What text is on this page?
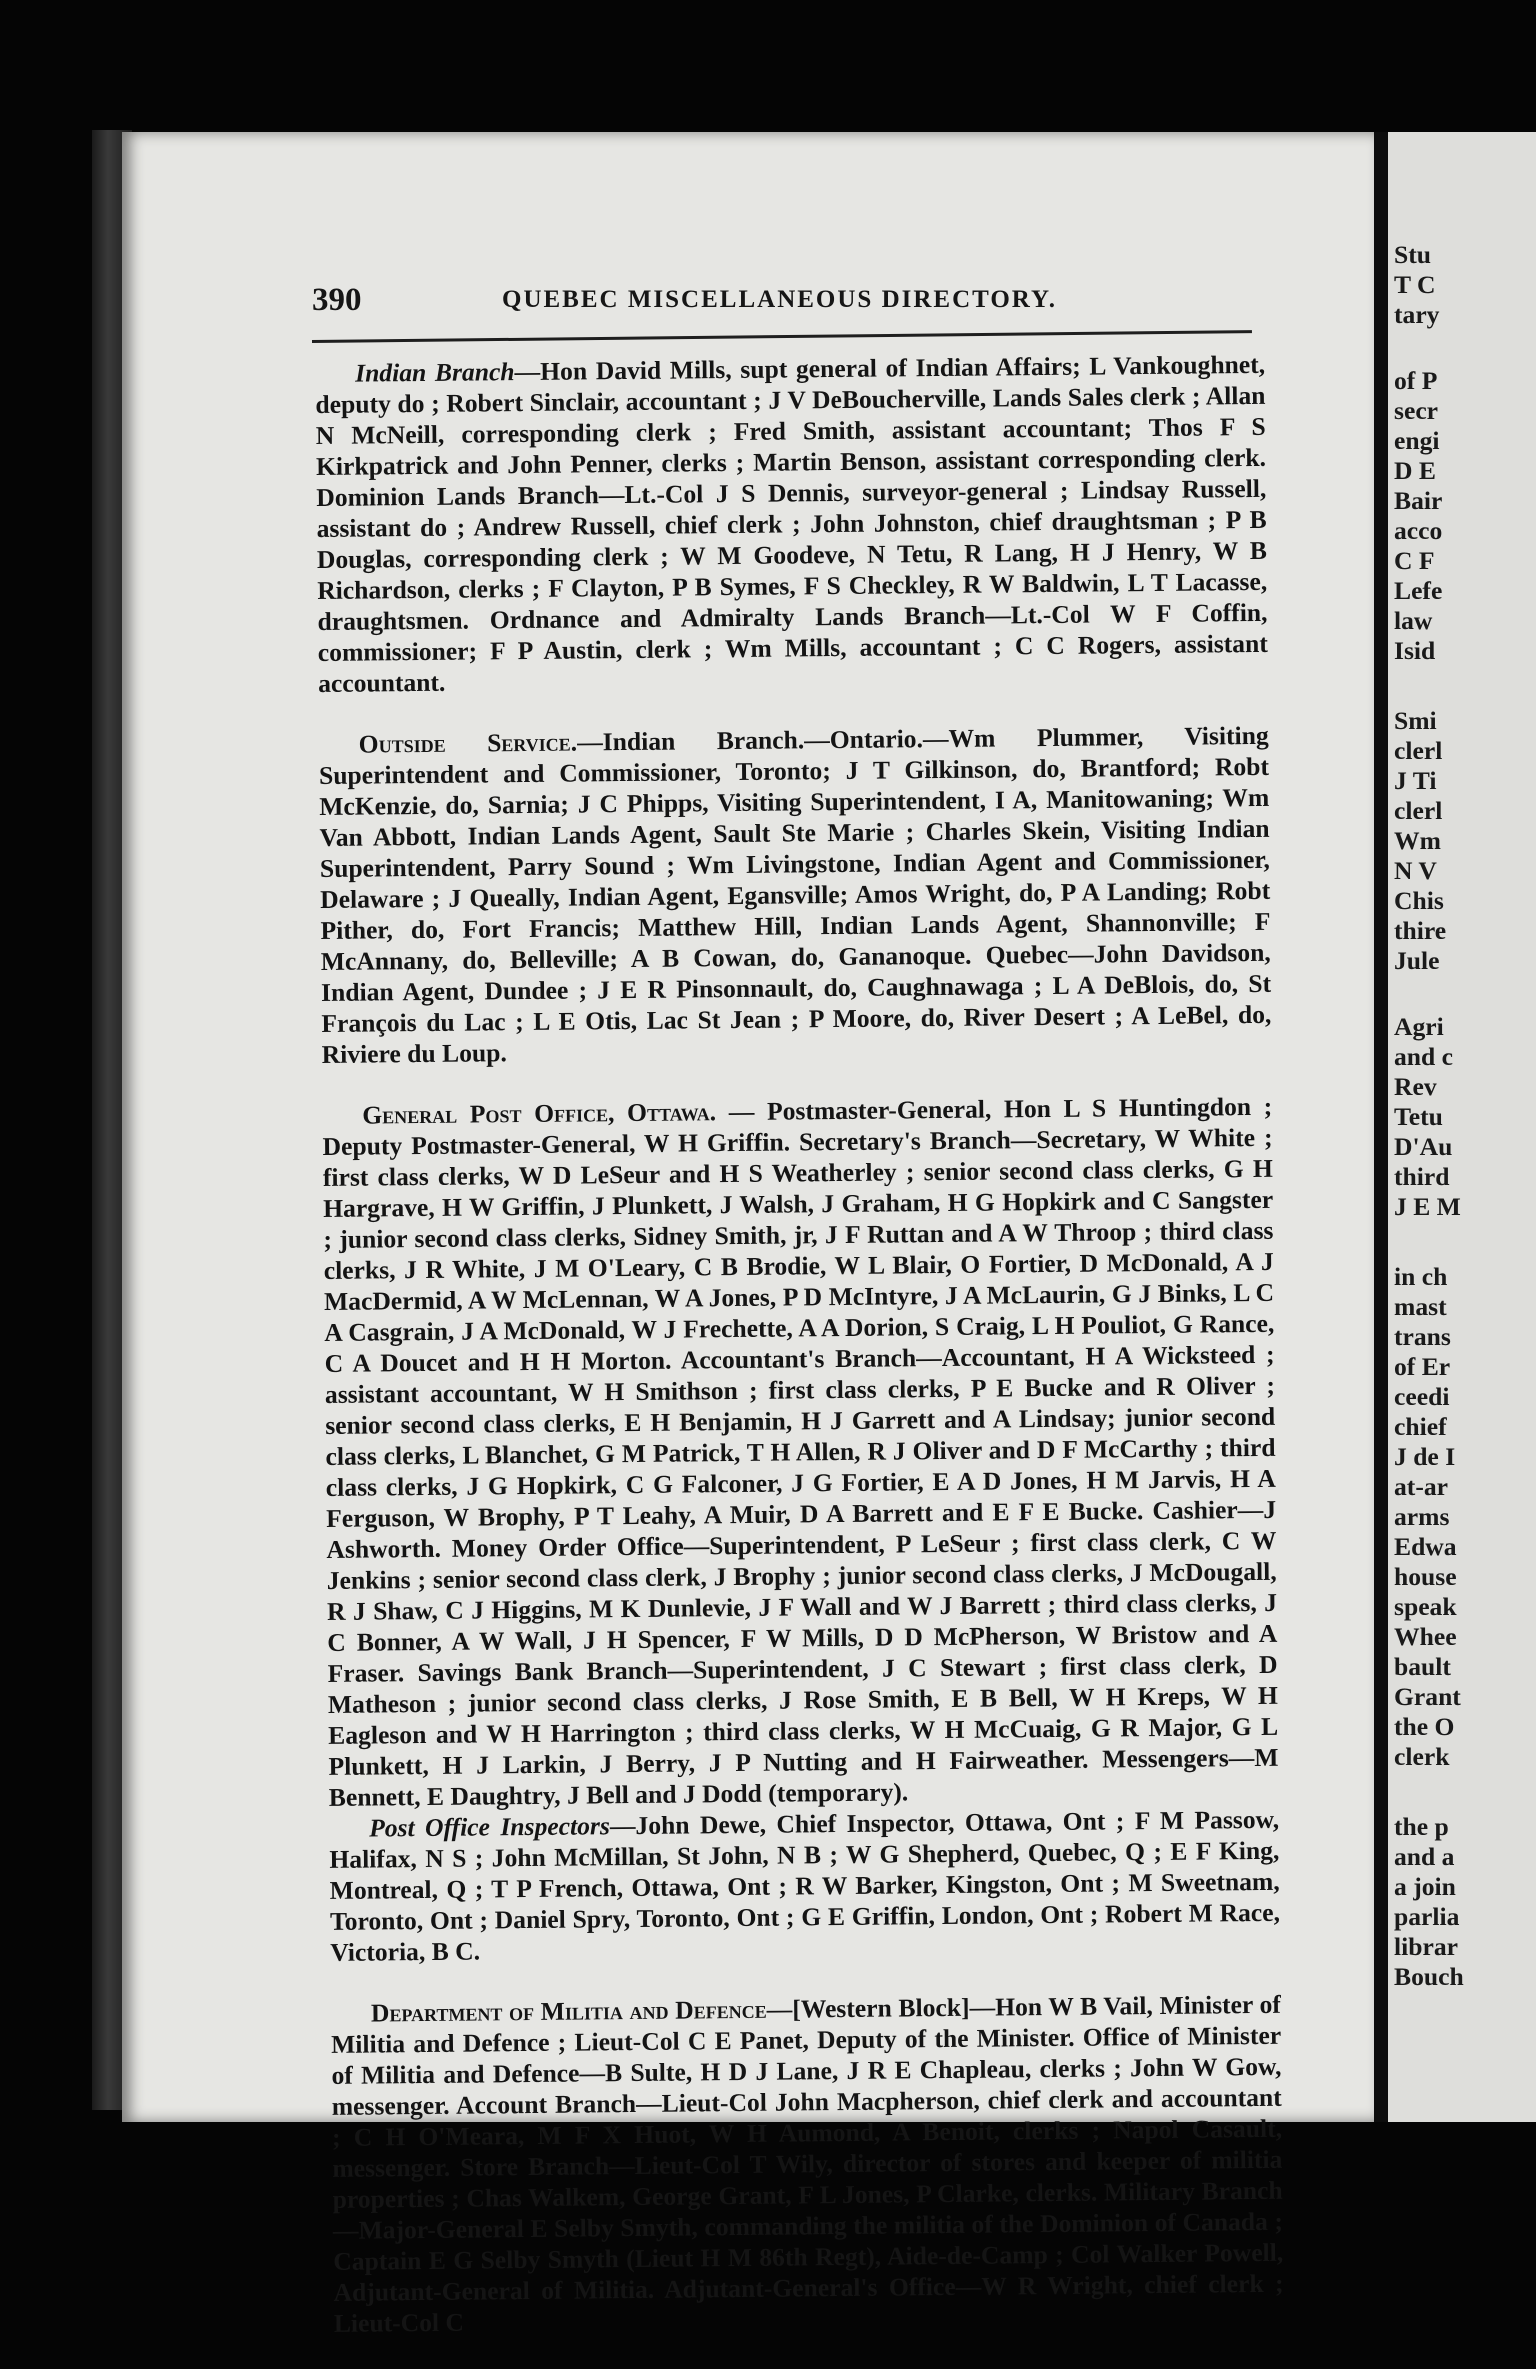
390	QUEBEC MISCELLANEOUS DIRECTORY.

Indian Branch—Hon David Mills, supt general of Indian Affairs; L Vankoughnet, deputy do ; Robert Sinclair, accountant ; J V DeBoucherville, Lands Sales clerk ; Allan N McNeill, corresponding clerk ; Fred Smith, assistant accountant; Thos F S Kirkpatrick and John Penner, clerks ; Martin Benson, assistant corresponding clerk. Dominion Lands Branch—Lt.-Col J S Dennis, surveyor-general ; Lindsay Russell, assistant do ; Andrew Russell, chief clerk ; John Johnston, chief draughtsman ; P B Douglas, corresponding clerk ; W M Goodeve, N Tetu, R Lang, H J Henry, W B Richardson, clerks ; F Clayton, P B Symes, F S Checkley, R W Baldwin, L T Lacasse, draughtsmen. Ordnance and Admiralty Lands Branch—Lt.-Col W F Coffin, commissioner; F P Austin, clerk ; Wm Mills, accountant ; C C Rogers, assistant accountant.

Outside Service.—Indian Branch.—Ontario.—Wm Plummer, Visiting Superintendent and Commissioner, Toronto; J T Gilkinson, do, Brantford; Robt McKenzie, do, Sarnia; J C Phipps, Visiting Superintendent, I A, Manitowaning; Wm Van Abbott, Indian Lands Agent, Sault Ste Marie ; Charles Skein, Visiting Indian Superintendent, Parry Sound ; Wm Livingstone, Indian Agent and Commissioner, Delaware ; J Queally, Indian Agent, Egansville; Amos Wright, do, P A Landing; Robt Pither, do, Fort Francis; Matthew Hill, Indian Lands Agent, Shannonville; F McAnnany, do, Belleville; A B Cowan, do, Gananoque. Quebec—John Davidson, Indian Agent, Dundee ; J E R Pinsonnault, do, Caughnawaga ; L A DeBlois, do, St François du Lac ; L E Otis, Lac St Jean ; P Moore, do, River Desert ; A LeBel, do, Riviere du Loup.

General Post Office, Ottawa. — Postmaster-General, Hon L S Huntingdon ; Deputy Postmaster-General, W H Griffin. Secretary's Branch—Secretary, W White ; first class clerks, W D LeSeur and H S Weatherley ; senior second class clerks, G H Hargrave, H W Griffin, J Plunkett, J Walsh, J Graham, H G Hopkirk and C Sangster ; junior second class clerks, Sidney Smith, jr, J F Ruttan and A W Throop ; third class clerks, J R White, J M O'Leary, C B Brodie, W L Blair, O Fortier, D McDonald, A J MacDermid, A W McLennan, W A Jones, P D McIntyre, J A McLaurin, G J Binks, L C A Casgrain, J A McDonald, W J Frechette, A A Dorion, S Craig, L H Pouliot, G Rance, C A Doucet and H H Morton. Accountant's Branch—Accountant, H A Wicksteed ; assistant accountant, W H Smithson ; first class clerks, P E Bucke and R Oliver ; senior second class clerks, E H Benjamin, H J Garrett and A Lindsay; junior second class clerks, L Blanchet, G M Patrick, T H Allen, R J Oliver and D F McCarthy ; third class clerks, J G Hopkirk, C G Falconer, J G Fortier, E A D Jones, H M Jarvis, H A Ferguson, W Brophy, P T Leahy, A Muir, D A Barrett and E F E Bucke. Cashier—J Ashworth. Money Order Office—Superintendent, P LeSeur ; first class clerk, C W Jenkins ; senior second class clerk, J Brophy ; junior second class clerks, J McDougall, R J Shaw, C J Higgins, M K Dunlevie, J F Wall and W J Barrett ; third class clerks, J C Bonner, A W Wall, J H Spencer, F W Mills, D D McPherson, W Bristow and A Fraser. Savings Bank Branch—Superintendent, J C Stewart ; first class clerk, D Matheson ; junior second class clerks, J Rose Smith, E B Bell, W H Kreps, W H Eagleson and W H Harrington ; third class clerks, W H McCuaig, G R Major, G L Plunkett, H J Larkin, J Berry, J P Nutting and H Fairweather. Messengers—M Bennett, E Daughtry, J Bell and J Dodd (temporary).

Post Office Inspectors—John Dewe, Chief Inspector, Ottawa, Ont ; F M Passow, Halifax, N S ; John McMillan, St John, N B ; W G Shepherd, Quebec, Q ; E F King, Montreal, Q ; T P French, Ottawa, Ont ; R W Barker, Kingston, Ont ; M Sweetnam, Toronto, Ont ; Daniel Spry, Toronto, Ont ; G E Griffin, London, Ont ; Robert M Race, Victoria, B C.

Department of Militia and Defence—[Western Block]—Hon W B Vail, Minister of Militia and Defence ; Lieut-Col C E Panet, Deputy of the Minister. Office of Minister of Militia and Defence—B Sulte, H D J Lane, J R E Chapleau, clerks ; John W Gow, messenger. Account Branch—Lieut-Col John Macpherson, chief clerk and accountant ; C H O'Meara, M F X Huot, W H Aumond, A Benoit, clerks ; Napol Casault, messenger. Store Branch—Lieut-Col T Wily, director of stores and keeper of militia properties ; Chas Walkem, George Grant, F L Jones, P Clarke, clerks. Military Branch—Major-General E Selby Smyth, commanding the militia of the Dominion of Canada ; Captain E G Selby Smyth (Lieut H M 86th Regt), Aide-de-Camp ; Col Walker Powell, Adjutant-General of Militia. Adjutant-General's Office—W R Wright, chief clerk ; Lieut-Col C

Stu
T C
tary
of P
secr
engi
D E
Bair
acco
C F
Lefe
law
Isid
Smi
clerl
J Ti
clerl
Wm
N V
Chis
thire
Jule
Agri
and c
Rev
Tetu
D'Au
third
J E M
in ch
mast
trans
of Er
ceedi
chief
J de I
at-ar
arms
Edwa
house
speak
Whee
bault
Grant
the O
clerk
the p
and a
a join
parlia
librar
Bouch
